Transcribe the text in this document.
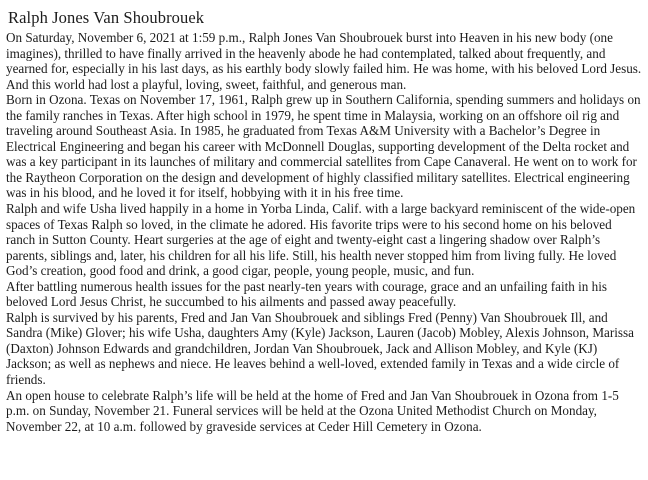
Ralph Jones Van Shoubrouek

On Saturday, November 6, 2021 at 1:59 p.m., Ralph Jones Van Shoubrouek burst into Heaven in his new body (one imagines), thrilled to have finally arrived in the heavenly abode he had contemplated, talked about frequently, and yearned for, especially in his last days, as his earthly body slowly failed him. He was home, with his beloved Lord Jesus. And this world had lost a playful, loving, sweet, faithful, and generous man.

Born in Ozona. Texas on November 17, 1961, Ralph grew up in Southern California, spending summers and holidays on the family ranches in Texas. After high school in 1979, he spent time in Malaysia, working on an offshore oil rig and traveling around Southeast Asia. In 1985, he graduated from Texas A&M University with a Bachelor’s Degree in Electrical Engineering and began his career with McDonnell Douglas, supporting development of the Delta rocket and was a key participant in its launches of military and commercial satellites from Cape Canaveral. He went on to work for the Raytheon Corporation on the design and development of highly classified military satellites. Electrical engineering was in his blood, and he loved it for itself, hobbying with it in his free time.

Ralph and wife Usha lived happily in a home in Yorba Linda, Calif. with a large backyard reminiscent of the wide-open spaces of Texas Ralph so loved, in the climate he adored. His favorite trips were to his second home on his beloved ranch in Sutton County. Heart surgeries at the age of eight and twenty-eight cast a lingering shadow over Ralph’s parents, siblings and, later, his children for all his life. Still, his health never stopped him from living fully. He loved God’s creation, good food and drink, a good cigar, people, young people, music, and fun.

After battling numerous health issues for the past nearly-ten years with courage, grace and an unfailing faith in his beloved Lord Jesus Christ, he succumbed to his ailments and passed away peacefully.

Ralph is survived by his parents, Fred and Jan Van Shoubrouek and siblings Fred (Penny) Van Shoubrouek Ill, and Sandra (Mike) Glover; his wife Usha, daughters Amy (Kyle) Jackson, Lauren (Jacob) Mobley, Alexis Johnson, Marissa (Daxton) Johnson Edwards and grandchildren, Jordan Van Shoubrouek, Jack and Allison Mobley, and Kyle (KJ) Jackson; as well as nephews and niece. He leaves behind a well-loved, extended family in Texas and a wide circle of friends.

An open house to celebrate Ralph’s life will be held at the home of Fred and Jan Van Shoubrouek in Ozona from 1-5 p.m. on Sunday, November 21. Funeral services will be held at the Ozona United Methodist Church on Monday, November 22, at 10 a.m. followed by graveside services at Ceder Hill Cemetery in Ozona.
